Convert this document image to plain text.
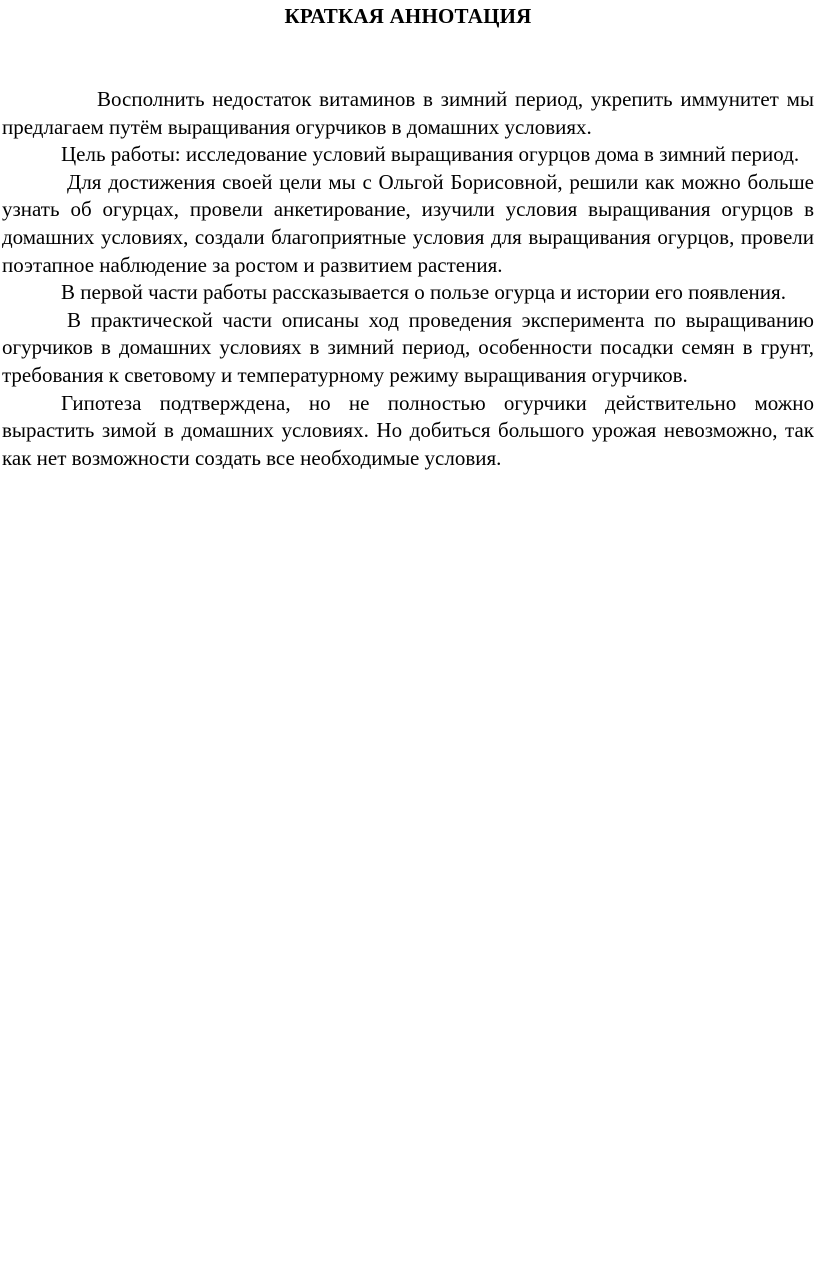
КРАТКАЯ АННОТАЦИЯ

Восполнить недостаток витаминов в зимний период, укрепить иммунитет мы предлагаем путём выращивания огурчиков в домашних условиях.

Цель работы: исследование условий выращивания огурцов дома в зимний период.

Для достижения своей цели мы с Ольгой Борисовной, решили как можно больше узнать об огурцах, провели анкетирование, изучили условия выращивания огурцов в домашних условиях, создали благоприятные условия для выращивания огурцов, провели поэтапное наблюдение за ростом и развитием растения.

В первой части работы рассказывается о пользе огурца и истории его появления.

В практической части описаны ход проведения эксперимента по выращиванию огурчиков в домашних условиях в зимний период, особенности посадки семян в грунт, требования к световому и температурному режиму выращивания огурчиков.

Гипотеза подтверждена, но не полностью огурчики действительно можно вырастить зимой в домашних условиях. Но добиться большого урожая невозможно, так как нет возможности создать все необходимые условия.
